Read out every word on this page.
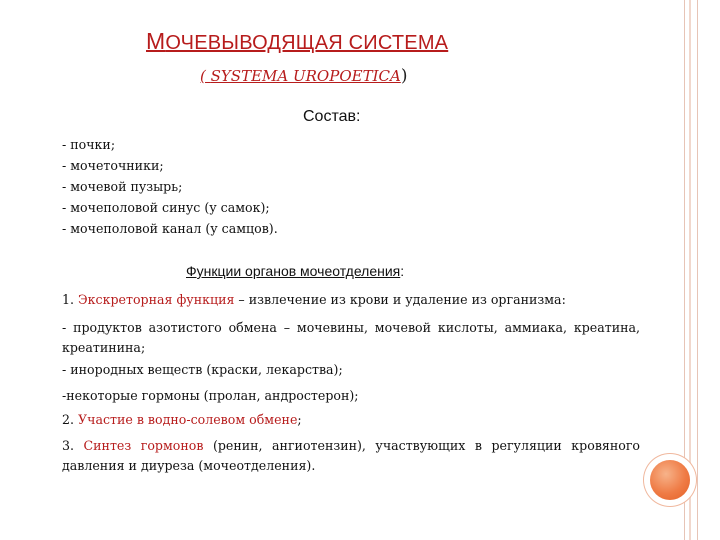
МОЧЕВЫВОДЯЩАЯ СИСТЕМА
( SYSTEMA UROPOETICA)
Состав:
- почки;
- мочеточники;
- мочевой пузырь;
- мочеполовой синус (у самок);
- мочеполовой канал (у самцов).
Функции органов мочеотделения:
1. Экскреторная функция – извлечение из крови и удаление из организма:
- продуктов азотистого обмена – мочевины, мочевой кислоты, аммиака, креатина, креатинина;
- инородных веществ (краски, лекарства);
-некоторые гормоны (пролан, андростерон);
2. Участие в водно-солевом обмене;
3. Синтез гормонов (ренин, ангиотензин), участвующих в регуляции кровяного давления и диуреза (мочеотделения).
